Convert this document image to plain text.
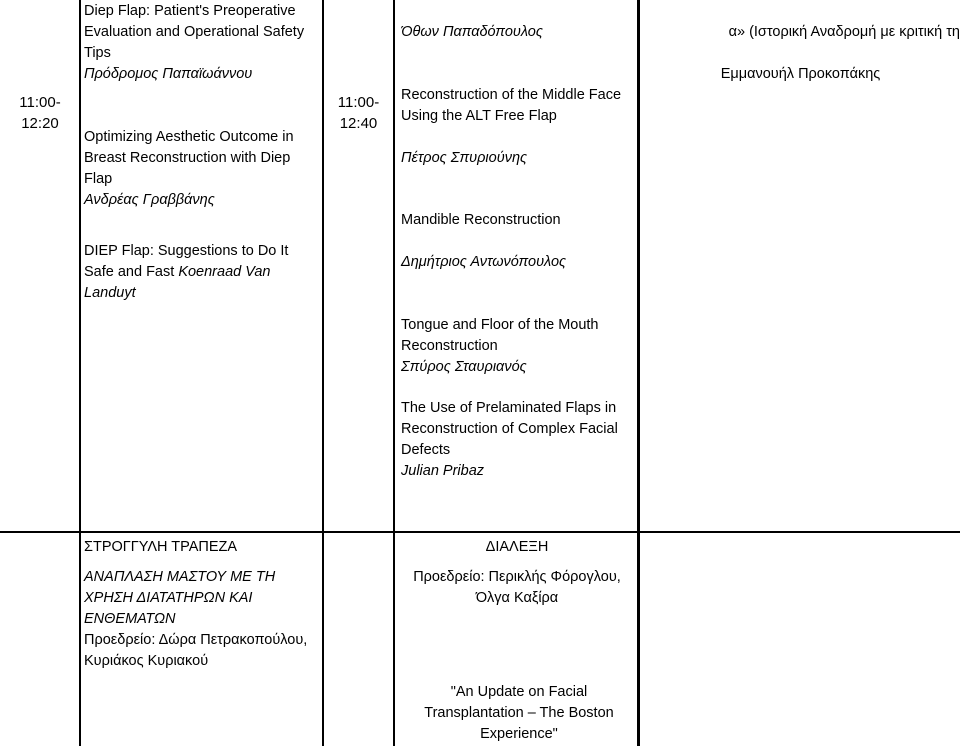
11:00-
12:20
Diep Flap: Patient's Preoperative Evaluation and Operational Safety Tips
Πρόδρομος Παπαϊωάννου
Optimizing Aesthetic Outcome in Breast Reconstruction with Diep Flap
Ανδρέας Γραββάνης
DIEP Flap: Suggestions to Do It Safe and Fast Koenraad Van Landuyt
11:00-
12:40
Όθων Παπαδόπουλος
Reconstruction of the Middle Face Using the ALT Free Flap
Πέτρος Σπυριούνης
Mandible Reconstruction
Δημήτριος Αντωνόπουλος
Tongue and Floor of the Mouth Reconstruction
Σπύρος Σταυριανός
The Use of Prelaminated Flaps in Reconstruction of Complex Facial Defects
Julian Pribaz
α» (Ιστορική Αναδρομή με κριτική τη
Εμμανουήλ Προκοπάκης
ΣΤΡΟΓΓΥΛΗ ΤΡΑΠΕΖΑ
ΑΝΑΠΛΑΣΗ ΜΑΣΤΟΥ ΜΕ ΤΗ ΧΡΗΣΗ ΔΙΑΤΑΤΗΡΩΝ ΚΑΙ ΕΝΘΕΜΑΤΩΝ
Προεδρείο: Δώρα Πετρακοπούλου, Κυριάκος Κυριακού
ΔΙΑΛΕΞΗ
Προεδρείο: Περικλής Φόρογλου, Όλγα Καξίρα
"An Update on Facial Transplantation – The Boston Experience"
